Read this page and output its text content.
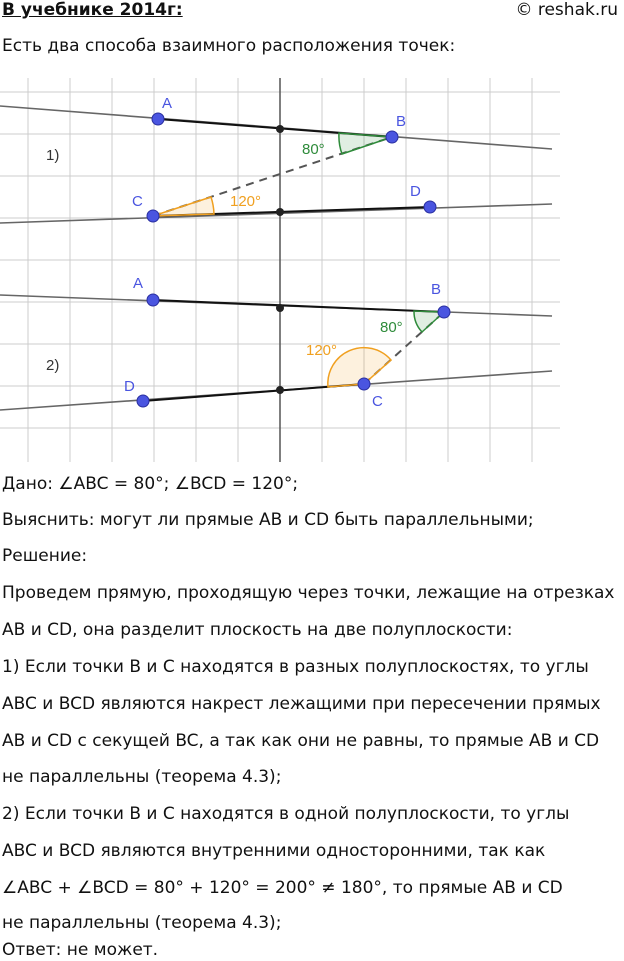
В учебнике 2014г:	© reshak.ru
Есть два способа взаимного расположения точек:
A
B
C
D
80°
120°
1)
A	B
C
D
80°
120°
2)
Дано: ∠ABC = 80°; ∠BCD = 120°;
Выяснить: могут ли прямые AB и CD быть параллельными;
Решение:
Проведем прямую, проходящую через точки, лежащие на отрезках
AB и CD, она разделит плоскость на две полуплоскости:
1) Если точки B и C находятся в разных полуплоскостях, то углы
ABC и BCD являются накрест лежащими при пересечении прямых
AB и CD с секущей BC, а так как они не равны, то прямые AB и CD
не параллельны (теорема 4.3);
2) Если точки B и C находятся в одной полуплоскости, то углы
ABC и BCD являются внутренними односторонними, так как
∠ABC + ∠BCD = 80° + 120° = 200° ≠ 180°, то прямые AB и CD
не параллельны (теорема 4.3);
Ответ: не может.
